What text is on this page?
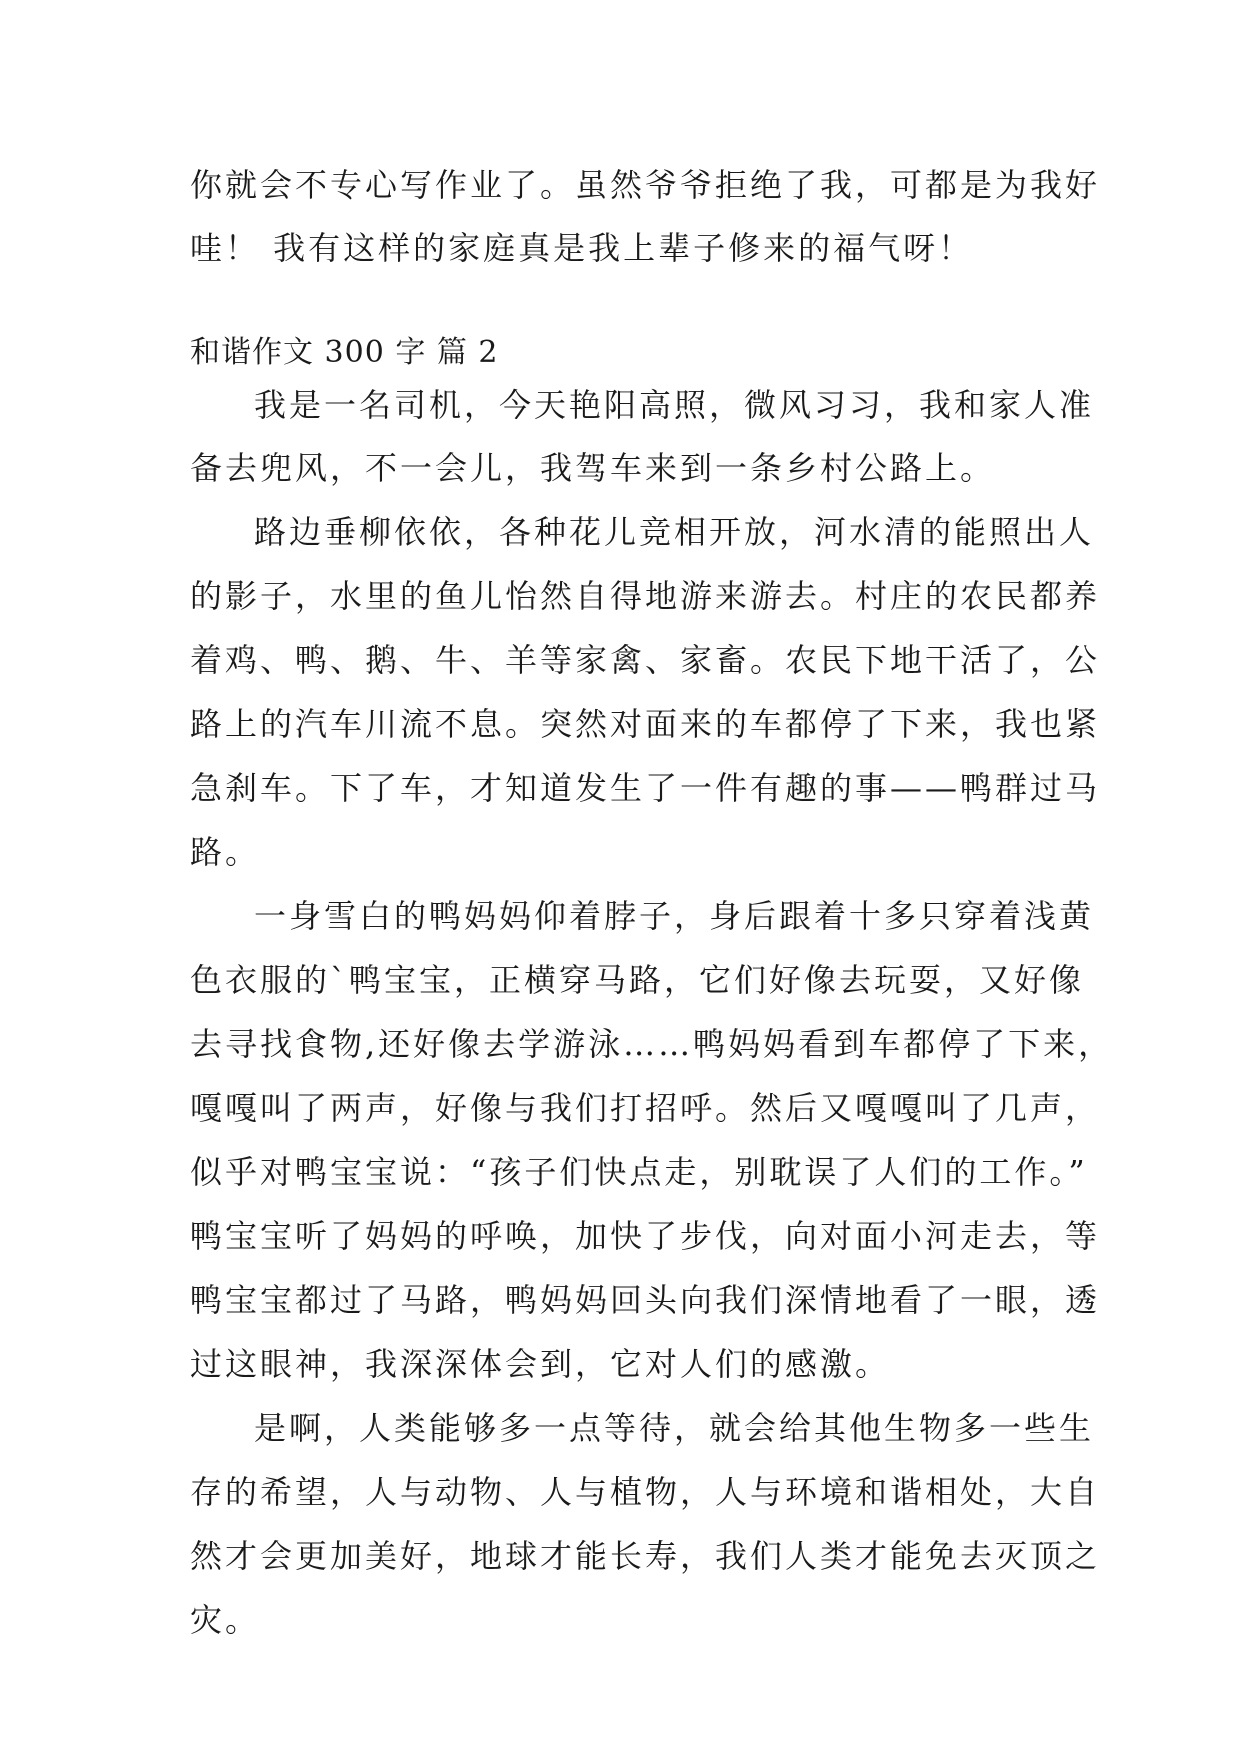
你就会不专心写作业了。虽然爷爷拒绝了我，可都是为我好
哇！ 我有这样的家庭真是我上辈子修来的福气呀！
和谐作文 300 字 篇 2
我是一名司机，今天艳阳高照，微风习习，我和家人准
备去兜风，不一会儿，我驾车来到一条乡村公路上。
路边垂柳依依，各种花儿竞相开放，河水清的能照出人
的影子，水里的鱼儿怡然自得地游来游去。村庄的农民都养
着鸡、鸭、鹅、牛、羊等家禽、家畜。农民下地干活了，公
路上的汽车川流不息。突然对面来的车都停了下来，我也紧
急刹车。下了车，才知道发生了一件有趣的事——鸭群过马
路。
一身雪白的鸭妈妈仰着脖子，身后跟着十多只穿着浅黄
色衣服的`鸭宝宝，正横穿马路，它们好像去玩耍，又好像
去寻找食物,还好像去学游泳……鸭妈妈看到车都停了下来，
嘎嘎叫了两声，好像与我们打招呼。然后又嘎嘎叫了几声，
似乎对鸭宝宝说：“孩子们快点走，别耽误了人们的工作。”
鸭宝宝听了妈妈的呼唤，加快了步伐，向对面小河走去，等
鸭宝宝都过了马路，鸭妈妈回头向我们深情地看了一眼，透
过这眼神，我深深体会到，它对人们的感激。
是啊，人类能够多一点等待，就会给其他生物多一些生
存的希望，人与动物、人与植物，人与环境和谐相处，大自
然才会更加美好，地球才能长寿，我们人类才能免去灭顶之
灾。
